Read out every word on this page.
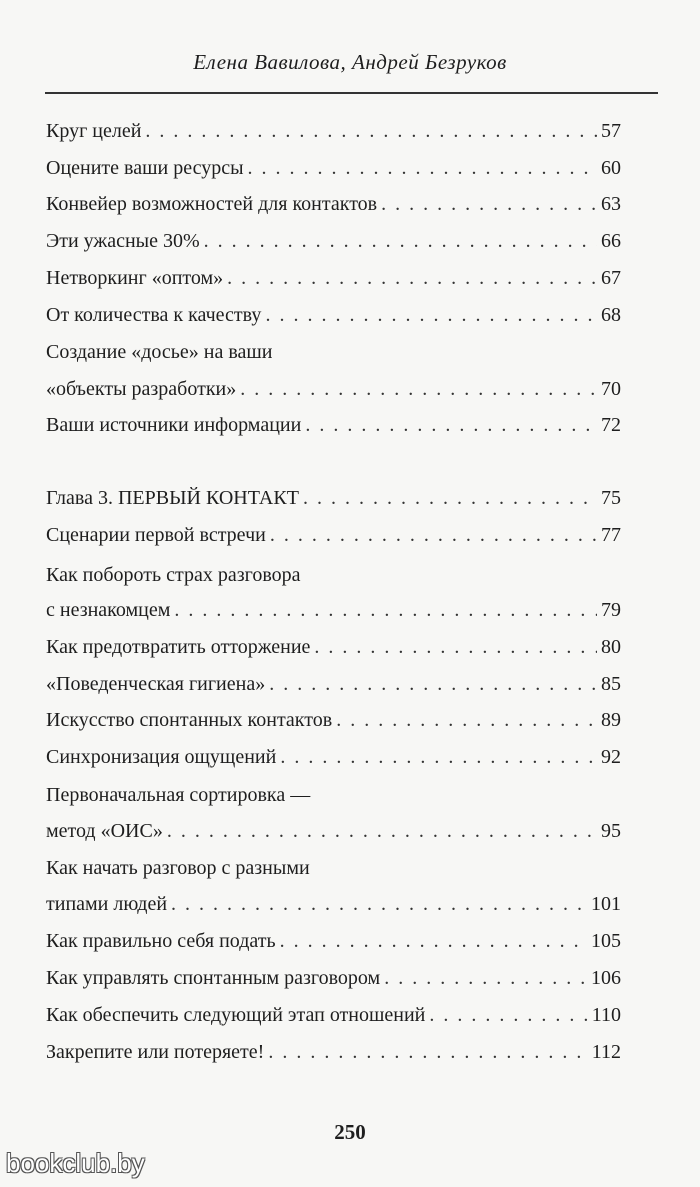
Елена Вавилова, Андрей Безруков
Круг целей . . .	57
Оцените ваши ресурсы . . .	60
Конвейер возможностей для контактов . . .	63
Эти ужасные 30% . . .	66
Нетворкинг «оптом» . . .	67
От количества к качеству . . .	68
Создание «досье» на ваши
«объекты разработки» . . .	70
Ваши источники информации . . .	72
Глава 3. ПЕРВЫЙ КОНТАКТ . . .	75
Сценарии первой встречи . . .	77
Как побороть страх разговора
с незнакомцем . . .	79
Как предотвратить отторжение . . .	80
«Поведенческая гигиена» . . .	85
Искусство спонтанных контактов . . .	89
Синхронизация ощущений . . .	92
Первоначальная сортировка —
метод «ОИС» . . .	95
Как начать разговор с разными
типами людей . . .	101
Как правильно себя подать . . .	105
Как управлять спонтанным разговором . . .	106
Как обеспечить следующий этап отношений . . .	110
Закрепите или потеряете! . . .	112
250
bookclub.by
